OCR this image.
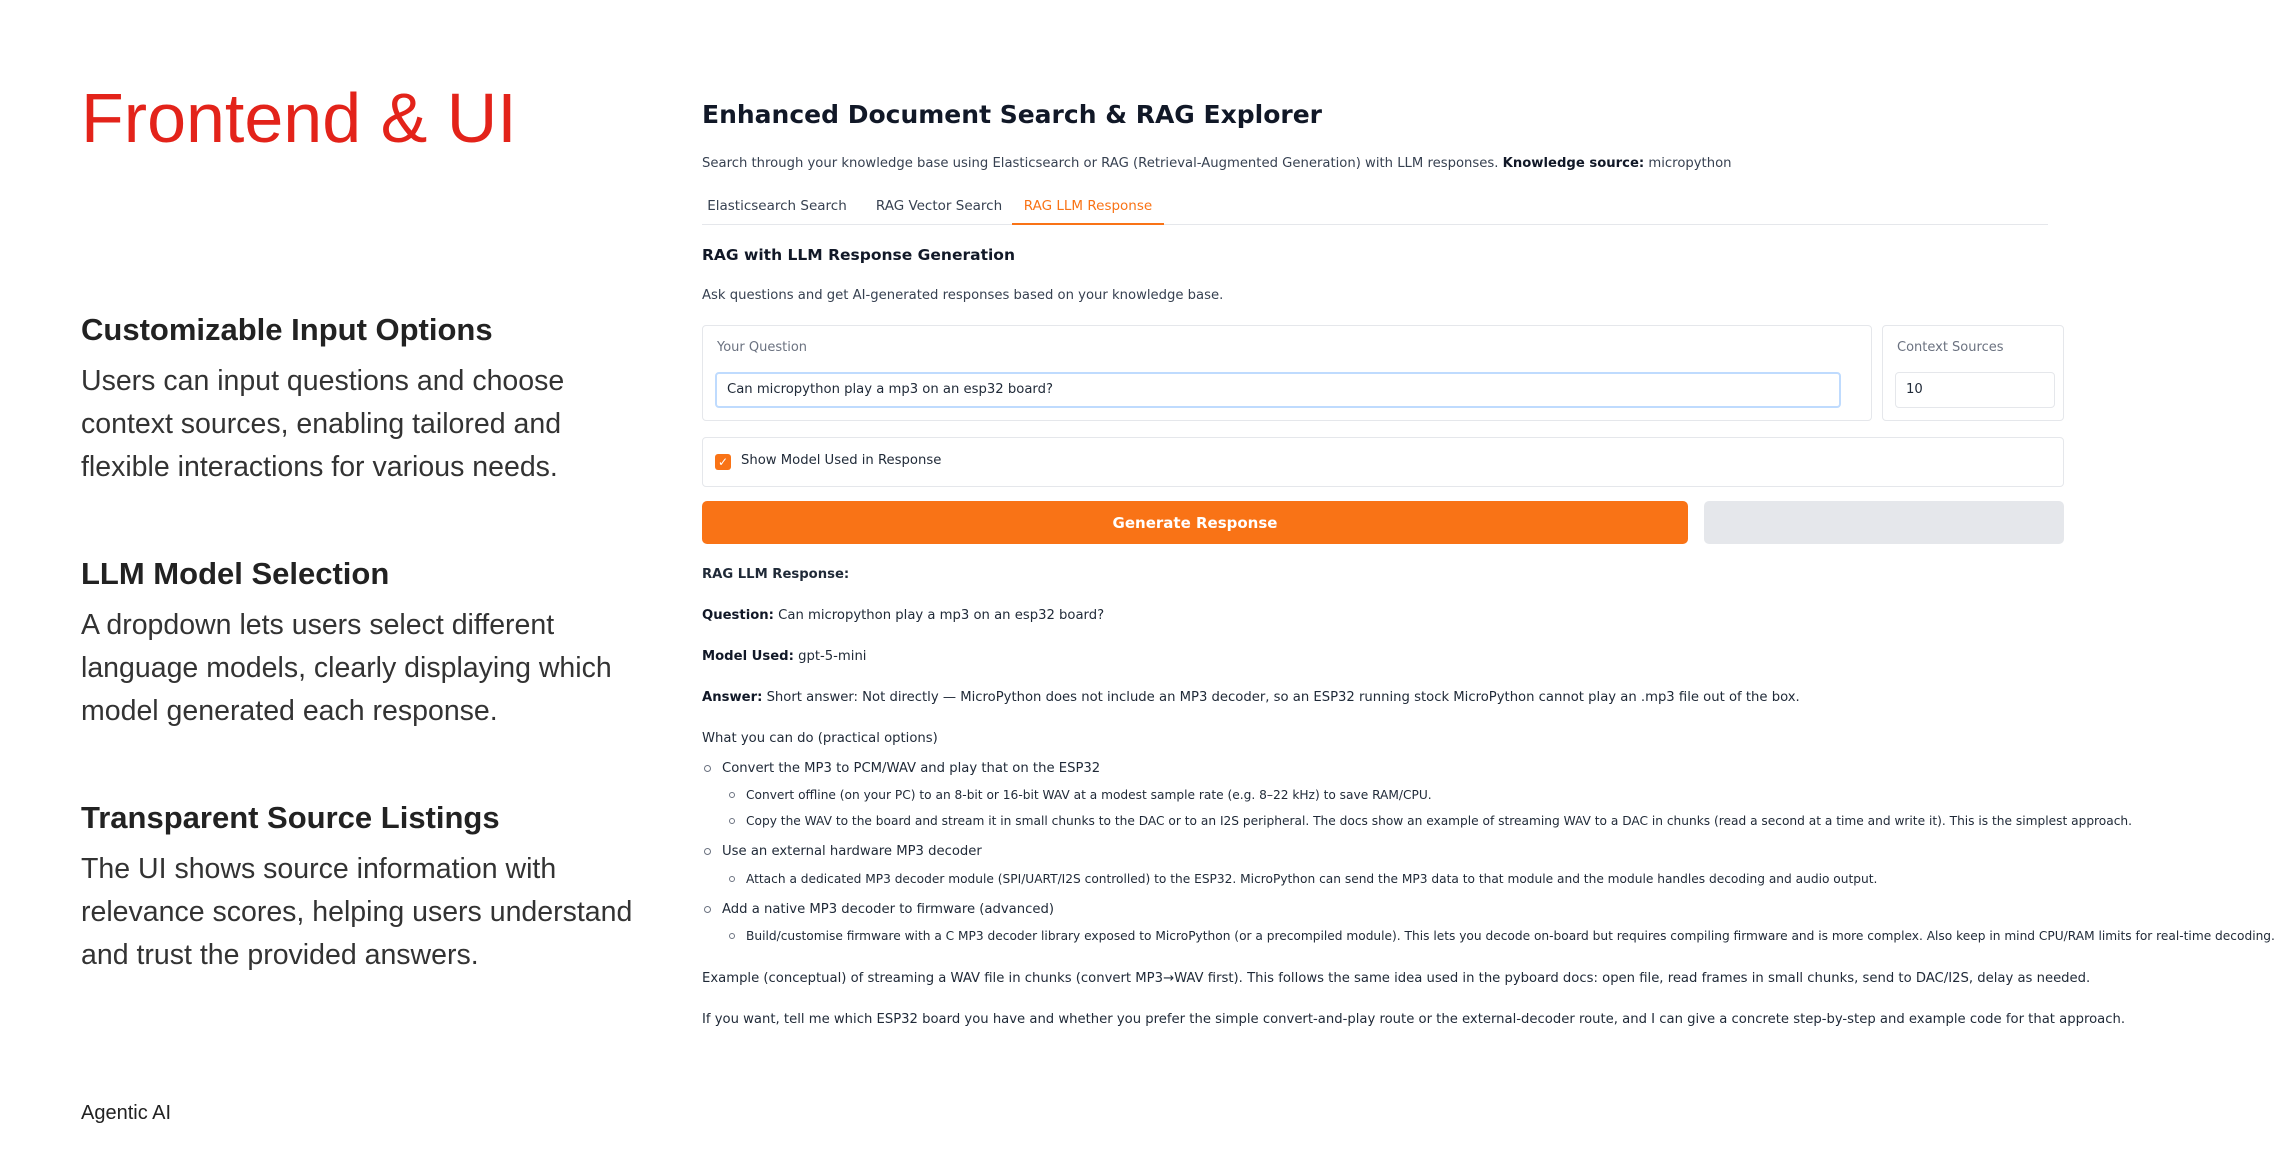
Frontend & UI
Customizable Input Options

Users can input questions and choose
context sources, enabling tailored and
flexible interactions for various needs.

LLM Model Selection

A dropdown lets users select different
language models, clearly displaying which
model generated each response.

Transparent Source Listings

The UI shows source information with
relevance scores, helping users understand
and trust the provided answers.

Agentic AI
Enhanced Document Search & RAG Explorer
Search through your knowledge base using Elasticsearch or RAG (Retrieval-Augmented Generation) with LLM responses. Knowledge source: micropython
Elasticsearch Search	RAG Vector Search	RAG LLM Response
RAG with LLM Response Generation
Ask questions and get AI-generated responses based on your knowledge base.
Your Question
Can micropython play a mp3 on an esp32 board?
Context Sources
10
✓ Show Model Used in Response
Generate Response
RAG LLM Response:
Question: Can micropython play a mp3 on an esp32 board?
Model Used: gpt-5-mini
Answer: Short answer: Not directly — MicroPython does not include an MP3 decoder, so an ESP32 running stock MicroPython cannot play an .mp3 file out of the box.
What you can do (practical options)
Convert the MP3 to PCM/WAV and play that on the ESP32
Convert offline (on your PC) to an 8-bit or 16-bit WAV at a modest sample rate (e.g. 8–22 kHz) to save RAM/CPU.
Copy the WAV to the board and stream it in small chunks to the DAC or to an I2S peripheral. The docs show an example of streaming WAV to a DAC in chunks (read a second at a time and write it). This is the simplest approach.
Use an external hardware MP3 decoder
Attach a dedicated MP3 decoder module (SPI/UART/I2S controlled) to the ESP32. MicroPython can send the MP3 data to that module and the module handles decoding and audio output.
Add a native MP3 decoder to firmware (advanced)
Build/customise firmware with a C MP3 decoder library exposed to MicroPython (or a precompiled module). This lets you decode on-board but requires compiling firmware and is more complex. Also keep in mind CPU/RAM limits for real-time decoding.
Example (conceptual) of streaming a WAV file in chunks (convert MP3→WAV first). This follows the same idea used in the pyboard docs: open file, read frames in small chunks, send to DAC/I2S, delay as needed.
If you want, tell me which ESP32 board you have and whether you prefer the simple convert-and-play route or the external-decoder route, and I can give a concrete step-by-step and example code for that approach.
